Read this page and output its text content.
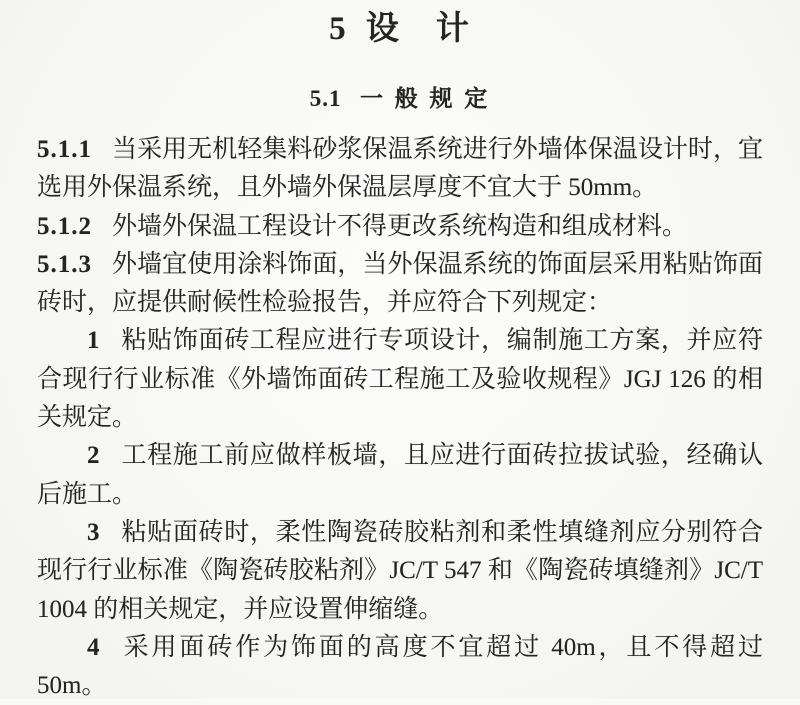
5 设　计
5.1 一 般 规 定

5.1.1 当采用无机轻集料砂浆保温系统进行外墙体保温设计时，宜选用外保温系统，且外墙外保温层厚度不宜大于 50mm。

5.1.2 外墙外保温工程设计不得更改系统构造和组成材料。

5.1.3 外墙宜使用涂料饰面，当外保温系统的饰面层采用粘贴饰面砖时，应提供耐候性检验报告，并应符合下列规定：

1 粘贴饰面砖工程应进行专项设计，编制施工方案，并应符合现行行业标准《外墙饰面砖工程施工及验收规程》JGJ 126 的相关规定。

2 工程施工前应做样板墙，且应进行面砖拉拔试验，经确认后施工。

3 粘贴面砖时，柔性陶瓷砖胶粘剂和柔性填缝剂应分别符合现行行业标准《陶瓷砖胶粘剂》JC/T 547 和《陶瓷砖填缝剂》JC/T 1004 的相关规定，并应设置伸缩缝。

4 采用面砖作为饰面的高度不宜超过 40m，且不得超过 50m。
